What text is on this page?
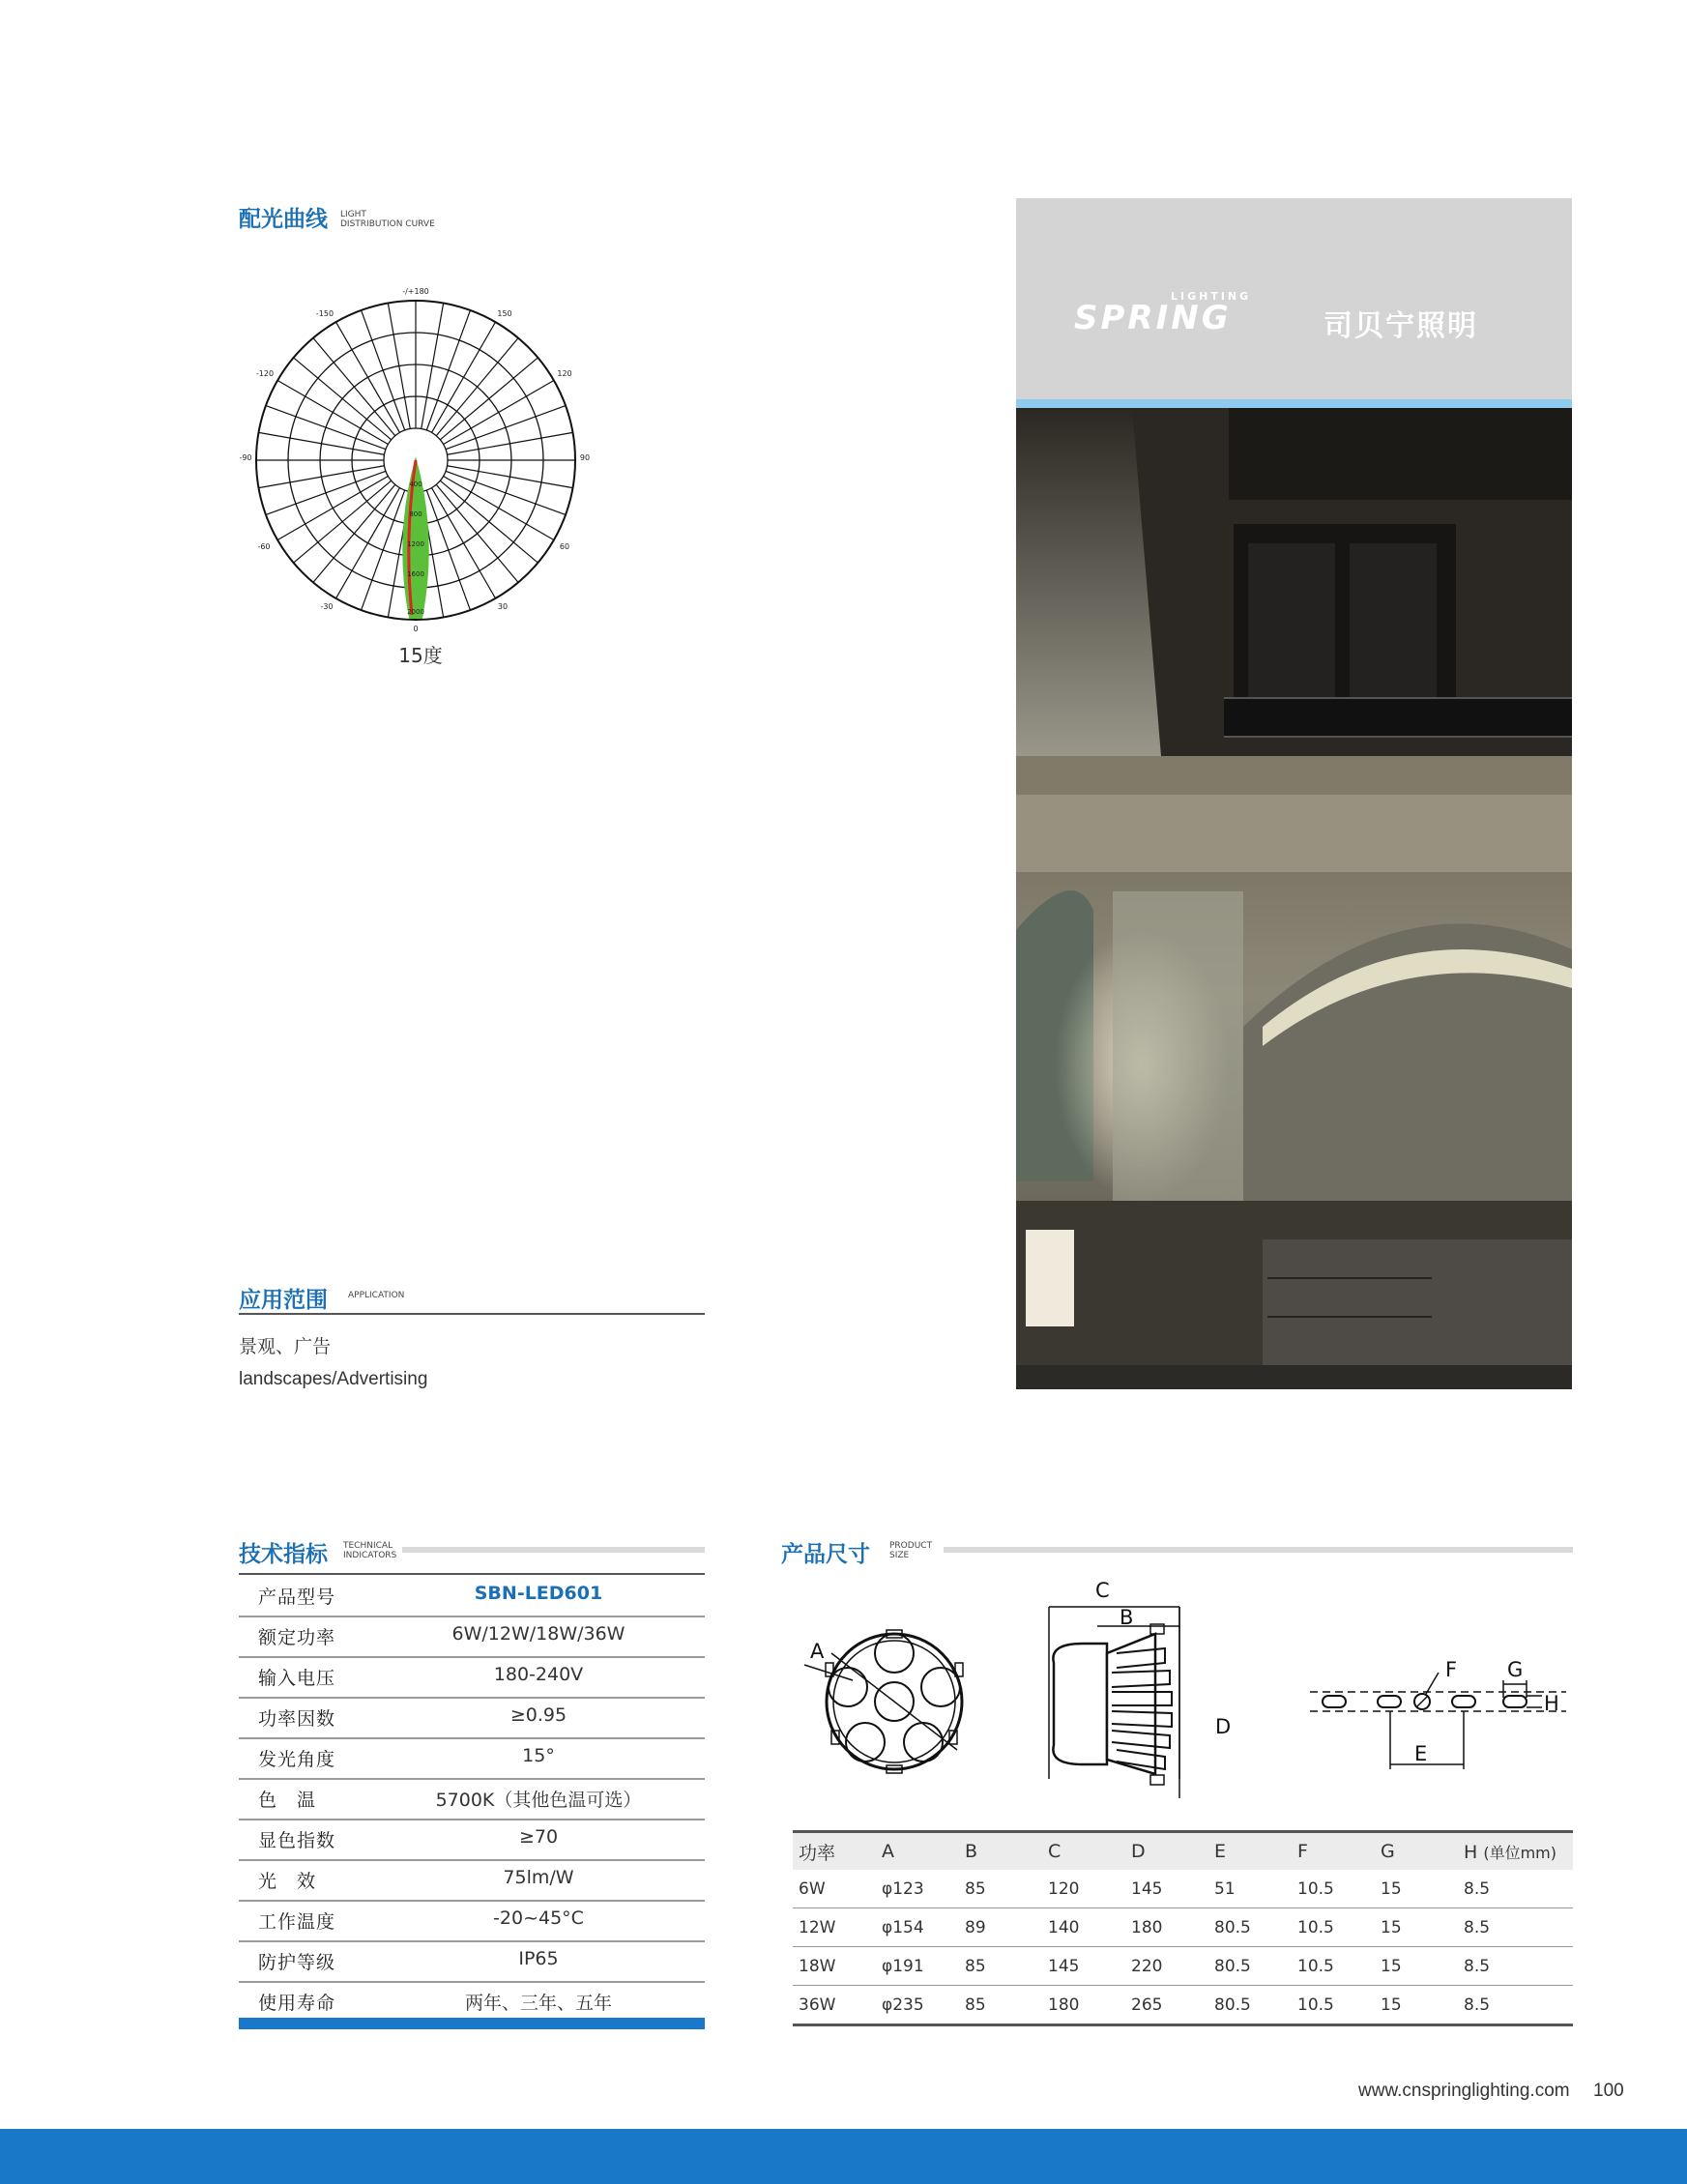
配光曲线 LIGHT
DISTRIBUTION CURVE
-/+180
-150	150
-120	120
-90	90
-60	60
-30	30
0
400
800
1200
1600
2000
15度
应用范围 APPLICATION
景观、广告
landscapes/Advertising
LIGHTING
SPRING	司贝宁照明
技术指标 TECHNICAL
INDICATORS
产品型号	SBN-LED601
额定功率	6W/12W/18W/36W
输入电压	180-240V
功率因数	≥0.95
发光角度	15°
色　温	5700K（其他色温可选）
显色指数	≥70
光　效	75lm/W
工作温度	-20~45°C
防护等级	IP65
使用寿命	两年、三年、五年
产品尺寸 PRODUCT
SIZE
A
C
B
D
F G
H
E
功率	A	B	C	D	E	F	G	H (单位mm)
6W	φ123	85	120	145	51	10.5	15	8.5
12W	φ154	89	140	180	80.5	10.5	15	8.5
18W	φ191	85	145	220	80.5	10.5	15	8.5
36W	φ235	85	180	265	80.5	10.5	15	8.5
www.cnspringlighting.com 100
